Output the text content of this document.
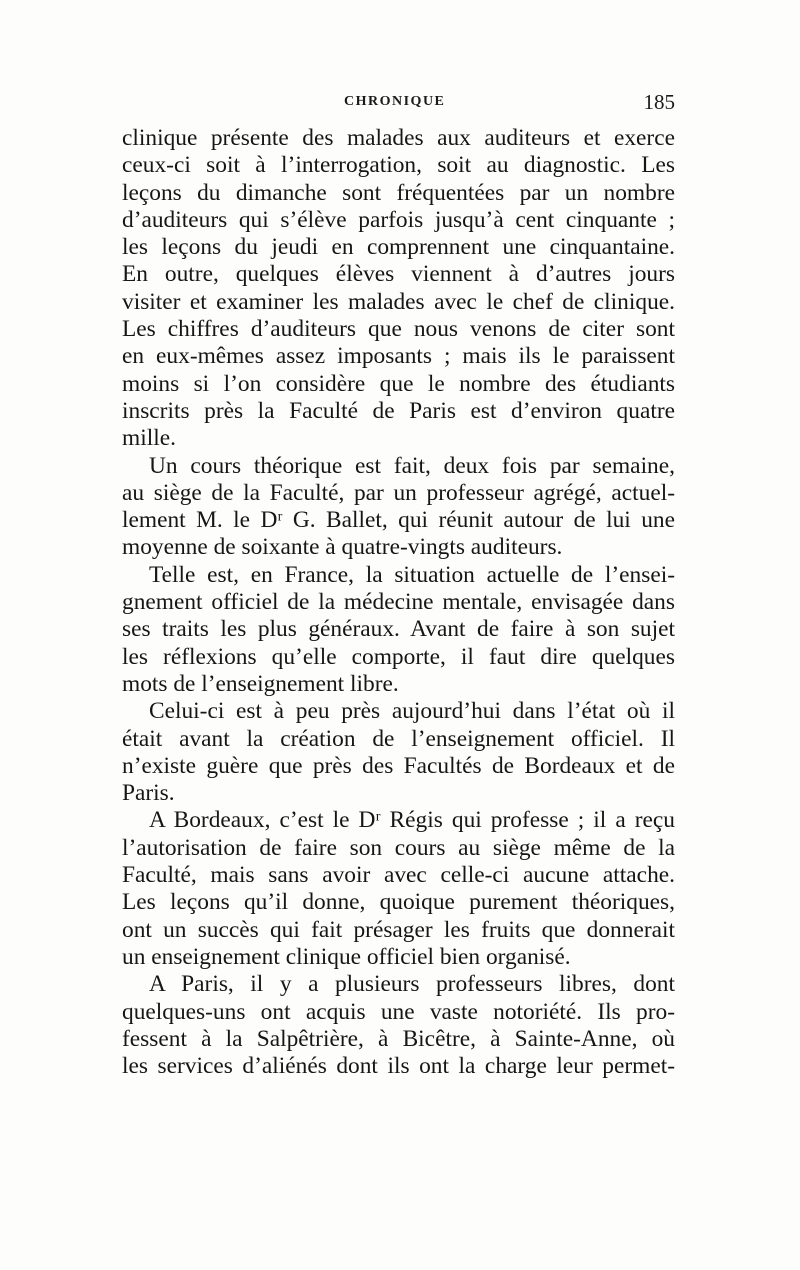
CHRONIQUE	185
clinique présente des malades aux auditeurs et exerce
ceux-ci soit à l’interrogation, soit au diagnostic. Les
leçons du dimanche sont fréquentées par un nombre
d’auditeurs qui s’élève parfois jusqu’à cent cinquante ;
les leçons du jeudi en comprennent une cinquantaine.
En outre, quelques élèves viennent à d’autres jours
visiter et examiner les malades avec le chef de clinique.
Les chiffres d’auditeurs que nous venons de citer sont
en eux-mêmes assez imposants ; mais ils le paraissent
moins si l’on considère que le nombre des étudiants
inscrits près la Faculté de Paris est d’environ quatre
mille.
Un cours théorique est fait, deux fois par semaine,
au siège de la Faculté, par un professeur agrégé, actuel-
lement M. le Dʳ G. Ballet, qui réunit autour de lui une
moyenne de soixante à quatre-vingts auditeurs.
Telle est, en France, la situation actuelle de l’ensei-
gnement officiel de la médecine mentale, envisagée dans
ses traits les plus généraux. Avant de faire à son sujet
les réflexions qu’elle comporte, il faut dire quelques
mots de l’enseignement libre.
Celui-ci est à peu près aujourd’hui dans l’état où il
était avant la création de l’enseignement officiel. Il
n’existe guère que près des Facultés de Bordeaux et de
Paris.
A Bordeaux, c’est le Dʳ Régis qui professe ; il a reçu
l’autorisation de faire son cours au siège même de la
Faculté, mais sans avoir avec celle-ci aucune attache.
Les leçons qu’il donne, quoique purement théoriques,
ont un succès qui fait présager les fruits que donnerait
un enseignement clinique officiel bien organisé.
A Paris, il y a plusieurs professeurs libres, dont
quelques-uns ont acquis une vaste notoriété. Ils pro-
fessent à la Salpêtrière, à Bicêtre, à Sainte-Anne, où
les services d’aliénés dont ils ont la charge leur permet-
